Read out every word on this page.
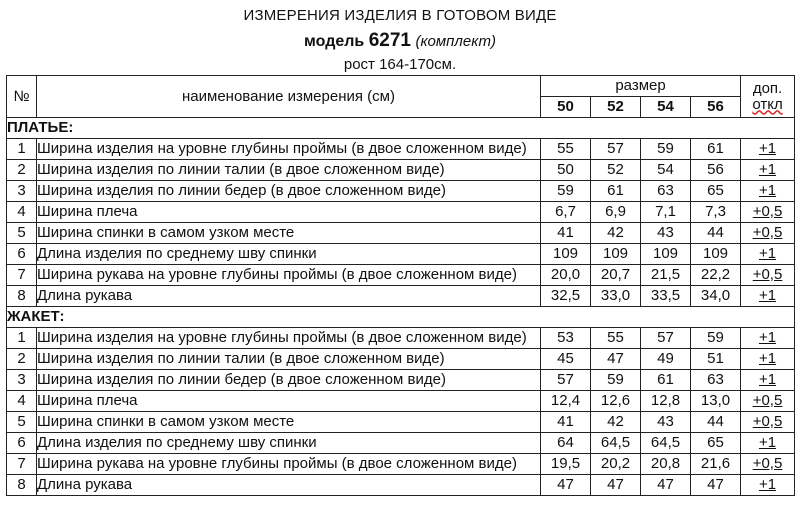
ИЗМЕРЕНИЯ ИЗДЕЛИЯ В ГОТОВОМ ВИДЕ
модель 6271 (комплект)
рост 164-170см.
№	наименование измерения (см)	размер				доп.
откл

		50	52	54	56	
ПЛАТЬЕ:						
1	Ширина изделия на уровне глубины проймы (в двое сложенном виде)	55	57	59	61	+1
2	Ширина изделия по линии талии (в двое сложенном виде)	50	52	54	56	+1
3	Ширина изделия по линии бедер (в двое сложенном виде)	59	61	63	65	+1
4	Ширина плеча	6,7	6,9	7,1	7,3	+0,5
5	Ширина спинки в самом узком месте	41	42	43	44	+0,5
6	Длина изделия по среднему шву спинки	109	109	109	109	+1
7	Ширина рукава на уровне глубины проймы (в двое сложенном виде)	20,0	20,7	21,5	22,2	+0,5
8	Длина рукава	32,5	33,0	33,5	34,0	+1
ЖАКЕТ:						
1	Ширина изделия на уровне глубины проймы (в двое сложенном виде)	53	55	57	59	+1
2	Ширина изделия по линии талии (в двое сложенном виде)	45	47	49	51	+1
3	Ширина изделия по линии бедер (в двое сложенном виде)	57	59	61	63	+1
4	Ширина плеча	12,4	12,6	12,8	13,0	+0,5
5	Ширина спинки в самом узком месте	41	42	43	44	+0,5
6	Длина изделия по среднему шву спинки	64	64,5	64,5	65	+1
7	Ширина рукава на уровне глубины проймы (в двое сложенном виде)	19,5	20,2	20,8	21,6	+0,5
8	Длина рукава	47	47	47	47	+1
